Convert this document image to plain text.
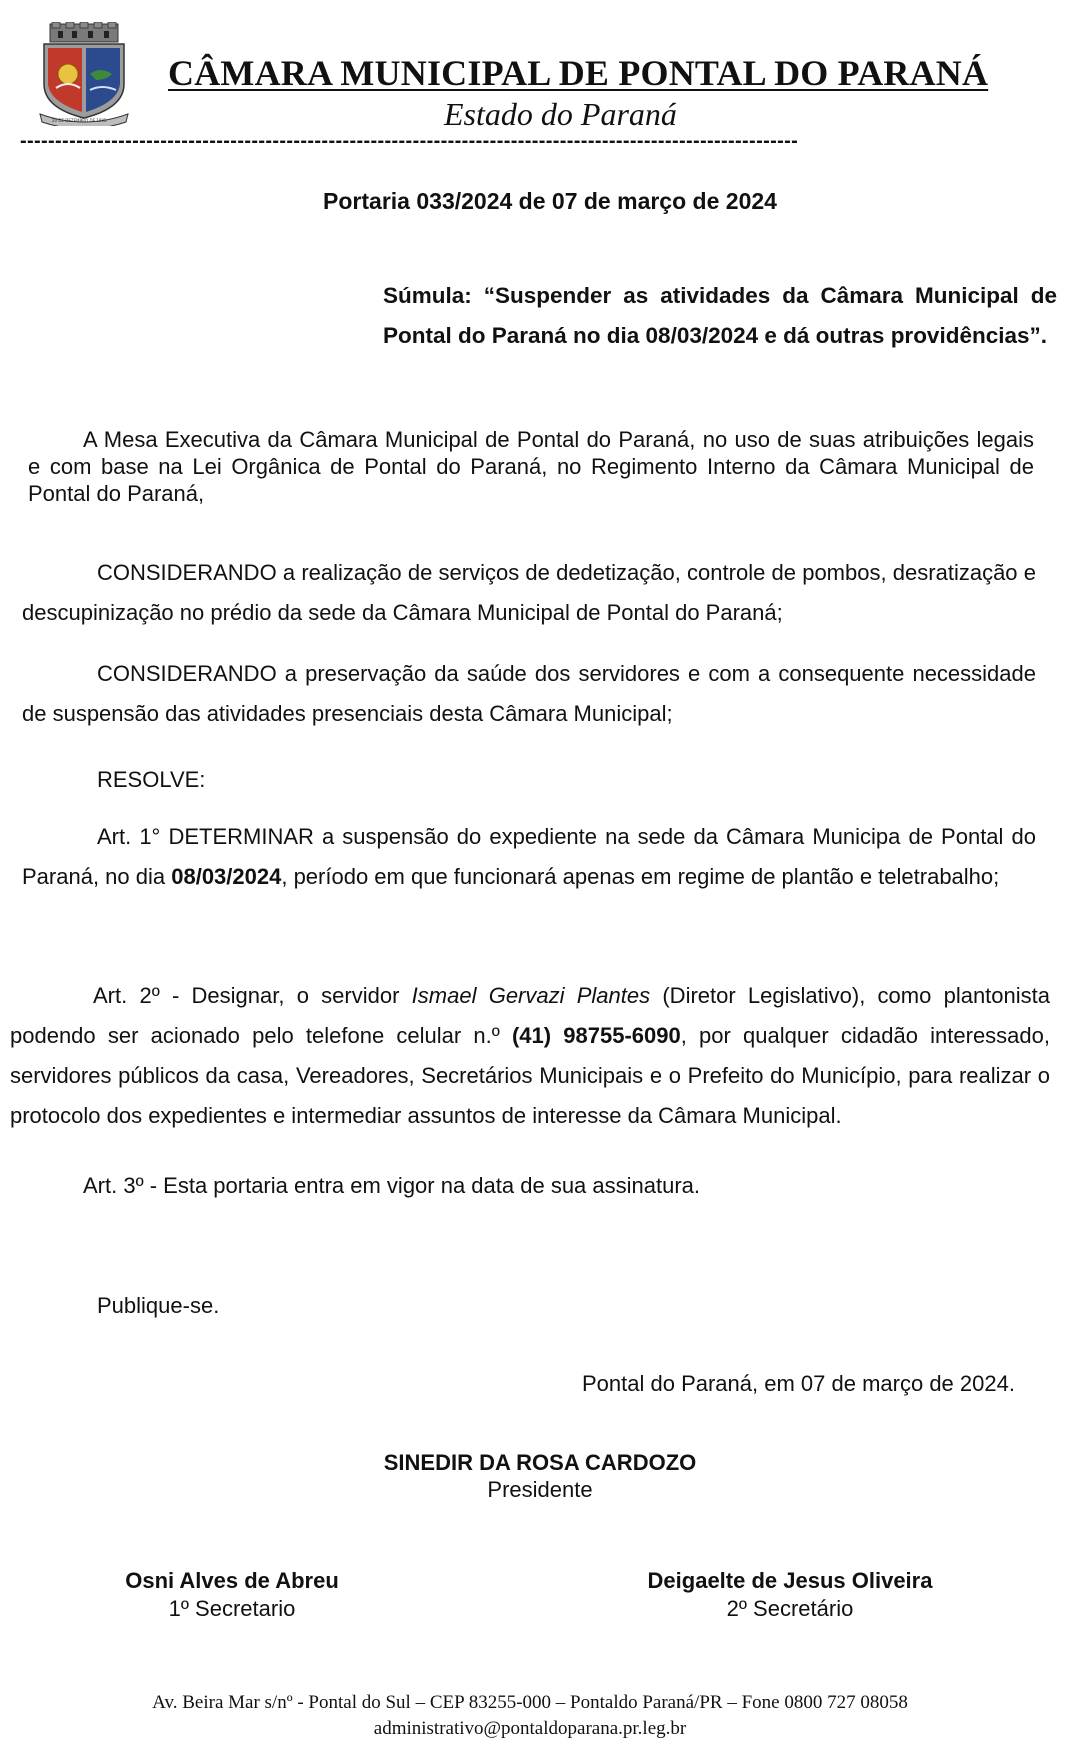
20 DE DEZEMBRO DE 1995
CÂMARA MUNICIPAL DE PONTAL DO PARANÁ
Estado do Paraná
---------------------------------------------------------------------------------------------------------------
Portaria 033/2024 de 07 de março de 2024
Súmula: “Suspender as atividades da Câmara Municipal de Pontal do Paraná no dia 08/03/2024 e dá outras providências”.
A Mesa Executiva da Câmara Municipal de Pontal do Paraná, no uso de suas atribuições legais e com base na Lei Orgânica de Pontal do Paraná, no Regimento Interno da Câmara Municipal de Pontal do Paraná,
CONSIDERANDO a realização de serviços de dedetização, controle de pombos, desratização e descupinização no prédio da sede da Câmara Municipal de Pontal do Paraná;
CONSIDERANDO a preservação da saúde dos servidores e com a consequente necessidade de suspensão das atividades presenciais desta Câmara Municipal;
RESOLVE:
Art. 1° DETERMINAR a suspensão do expediente na sede da Câmara Municipa de Pontal do Paraná, no dia 08/03/2024, período em que funcionará apenas em regime de plantão e teletrabalho;
Art. 2º - Designar, o servidor Ismael Gervazi Plantes (Diretor Legislativo), como plantonista podendo ser acionado pelo telefone celular n.º (41) 98755-6090, por qualquer cidadão interessado, servidores públicos da casa, Vereadores, Secretários Municipais e o Prefeito do Município, para realizar o protocolo dos expedientes e intermediar assuntos de interesse da Câmara Municipal.
Art. 3º - Esta portaria entra em vigor na data de sua assinatura.
Publique-se.
Pontal do Paraná, em 07 de março de 2024.
SINEDIR DA ROSA CARDOZO
Presidente
Osni Alves de Abreu
1º Secretario
Deigaelte de Jesus Oliveira
2º Secretário
Av. Beira Mar s/nº - Pontal do Sul – CEP 83255-000 – Pontaldo Paraná/PR – Fone 0800 727 08058
administrativo@pontaldoparana.pr.leg.br
